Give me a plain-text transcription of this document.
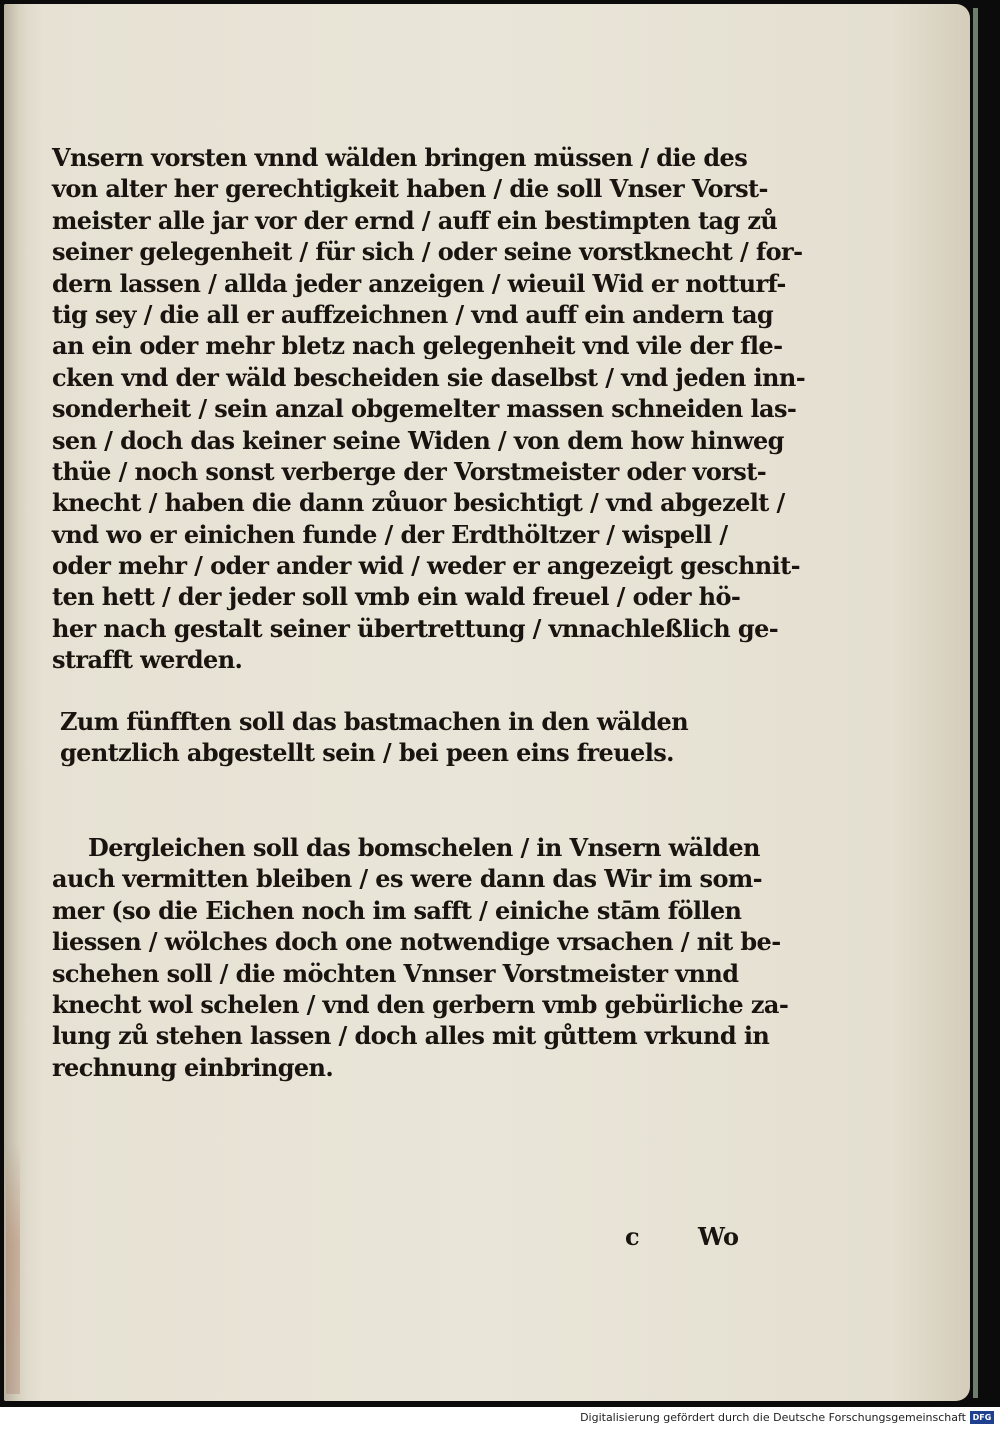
Vnsern vorsten vnnd wälden bringen müssen / die des
von alter her gerechtigkeit haben / die soll Vnser Vorst-
meister alle jar vor der ernd / auff ein bestimpten tag zů
seiner gelegenheit / für sich / oder seine vorstknecht / for-
dern lassen / allda jeder anzeigen / wieuil Wid er notturf-
tig sey / die all er auffzeichnen / vnd auff ein andern tag
an ein oder mehr bletz nach gelegenheit vnd vile der fle-
cken vnd der wäld bescheiden sie daselbst / vnd jeden inn-
sonderheit / sein anzal obgemelter massen schneiden las-
sen / doch das keiner seine Widen / von dem how hinweg
thüe / noch sonst verberge der Vorstmeister oder vorst-
knecht / haben die dann zůuor besichtigt / vnd abgezelt /
vnd wo er einichen funde / der Erdthöltzer / wispell /
oder mehr / oder ander wid / weder er angezeigt geschnit-
ten hett / der jeder soll vmb ein wald freuel / oder hö-
her nach gestalt seiner übertrettung / vnnachleßlich ge-
strafft werden.
Zum fünfften soll das bastmachen in den wälden
gentzlich abgestellt sein / bei peen eins freuels.
Dergleichen soll das bomschelen / in Vnsern wälden
auch vermitten bleiben / es were dann das Wir im som-
mer (so die Eichen noch im safft / einiche stām föllen
liessen / wölches doch one notwendige vrsachen / nit be-
schehen soll / die möchten Vnnser Vorstmeister vnnd
knecht wol schelen / vnd den gerbern vmb gebürliche za-
lung zů stehen lassen / doch alles mit gůttem vrkund in
rechnung einbringen.
c Wo
Digitalisierung gefördert durch die Deutsche Forschungsgemeinschaft DFG
